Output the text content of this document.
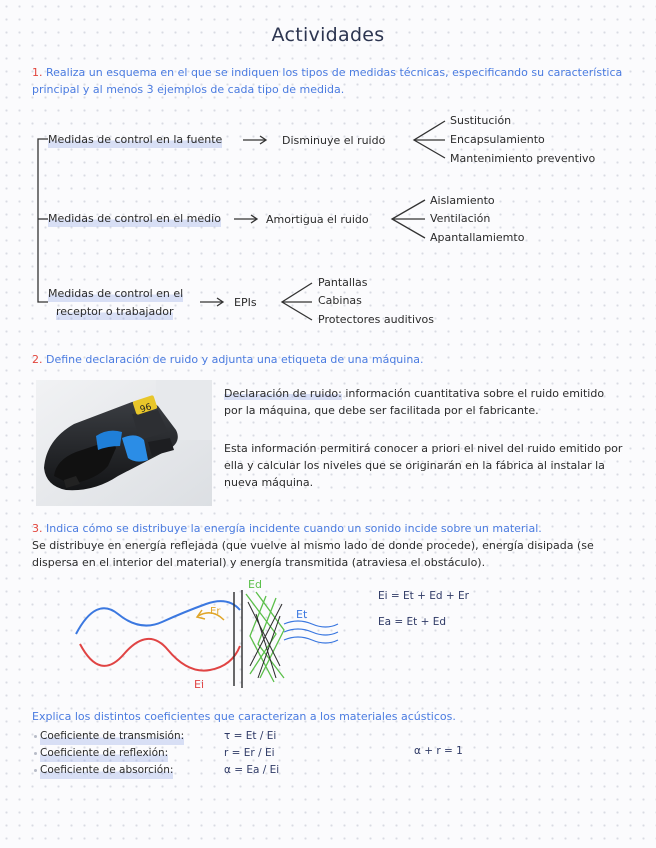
Actividades
1. Realiza un esquema en el que se indiquen los tipos de medidas técnicas, especificando su característica principal y al menos 3 ejemplos de cada tipo de medida.
Medidas de control en la fuente	Disminuye el ruido
Sustitución
Encapsulamiento
Mantenimiento preventivo
Medidas de control en el medio	Amortigua el ruido
Aislamiento
Ventilación
Apantallamiemto
Medidas de control en el
receptor o trabajador
EPIs
Pantallas
Cabinas
Protectores auditivos
2. Define declaración de ruido y adjunta una etiqueta de una máquina.
96
Declaración de ruido: información cuantitativa sobre el ruido emitido por la máquina, que debe ser facilitada por el fabricante.
Esta información permitirá conocer a priori el nivel del ruido emitido por ella y calcular los niveles que se originarán en la fábrica al instalar la nueva máquina.
3. Indica cómo se distribuye la energía incidente cuando un sonido incide sobre un material.
Se distribuye en energía reflejada (que vuelve al mismo lado de donde procede), energía disipada (se dispersa en el interior del material) y energía transmitida (atraviesa el obstáculo).
Ed
Er	Et
Ei
Ei = Et + Ed + Er
Ea = Et + Ed
Explica los distintos coeficientes que caracterizan a los materiales acústicos.
Coeficiente de transmisión:	τ = Et / Ei
Coeficiente de reflexión:	r = Er / Ei
Coeficiente de absorción:	α = Ea / Ei
α + r = 1
